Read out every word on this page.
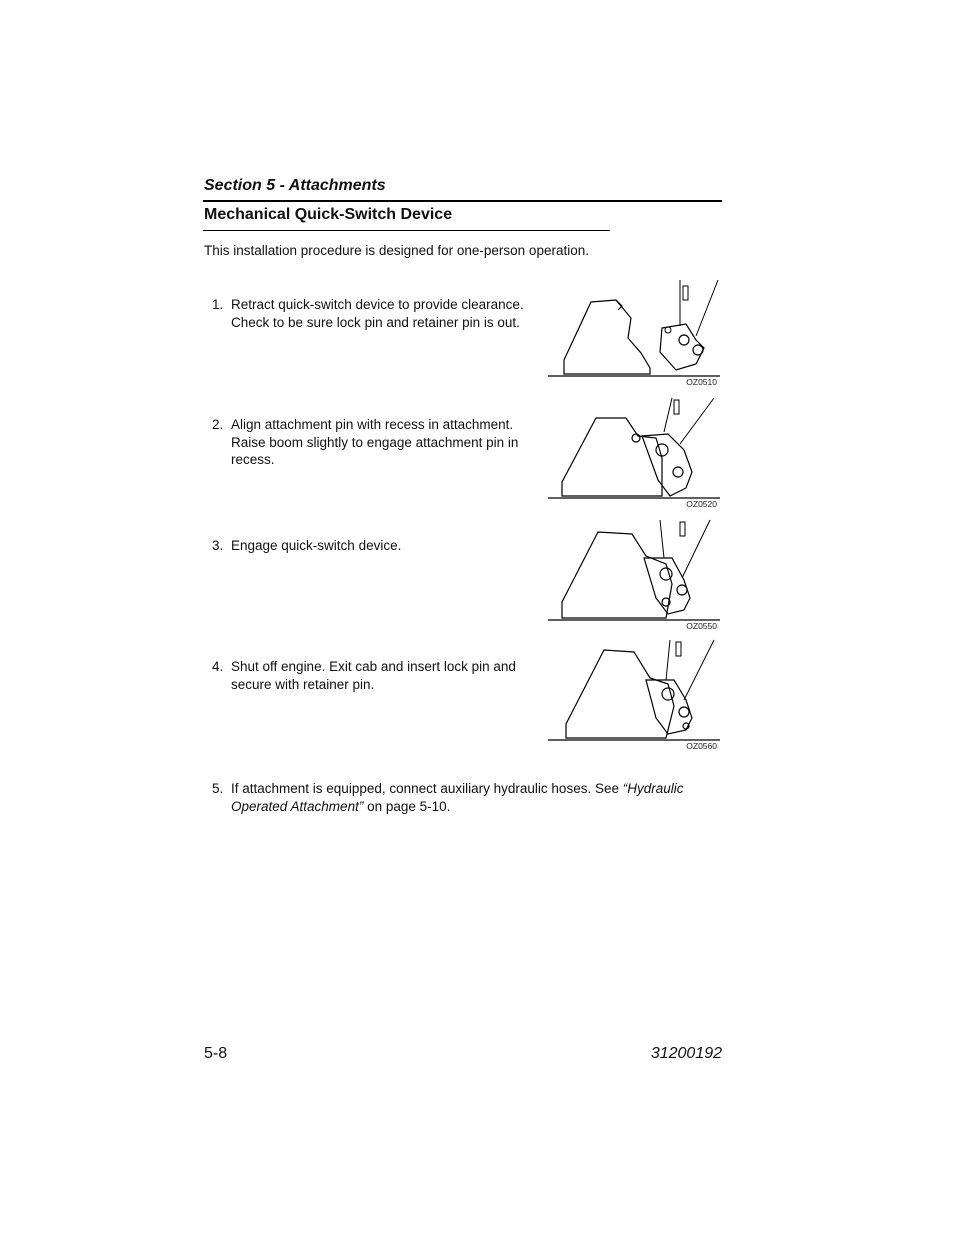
Section 5 - Attachments
Mechanical Quick-Switch Device
This installation procedure is designed for one-person operation.
1. Retract quick-switch device to provide clearance.
Check to be sure lock pin and retainer pin is out.
OZ0510
2. Align attachment pin with recess in attachment.
Raise boom slightly to engage attachment pin in
recess.
OZ0520
3. Engage quick-switch device.
OZ0550
4. Shut off engine. Exit cab and insert lock pin and
secure with retainer pin.
OZ0560
5. If attachment is equipped, connect auxiliary hydraulic hoses. See “Hydraulic Operated Attachment” on page 5-10.
5-8	31200192
